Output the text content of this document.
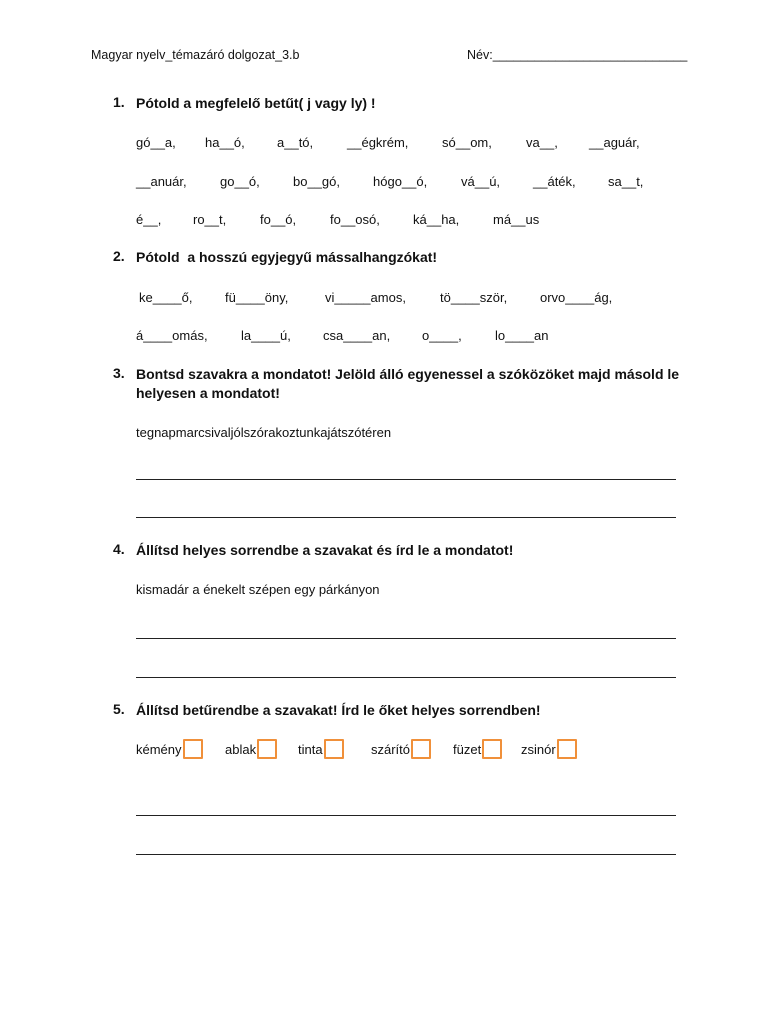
Magyar nyelv_témazáró dolgozat_3.b	Név:____________________________
1. Pótold a megfelelő betűt( j vagy ly) !
gó__a, ha__ó, a__tó,	__égkrém,	só__om,	va__, __aguár,
__anuár,	go__ó,	bo__gó,	hógo__ó,	vá__ú,	__áték, sa__t,
é__, ro__t,	fo__ó,	fo__osó,	ká__ha,	má__us
2. Pótold  a hosszú egyjegyű mássalhangzókat!
ke____ő,	fü____öny,	vi_____amos,	tö____ször,	orvo____ág,
á____omás,	la____ú, csa____an, o____,	lo____an
3. Bontsd szavakra a mondatot! Jelöld álló egyenessel a szóközöket majd másold le
helyesen a mondatot!
tegnapmarcsivaljólszórakoztunkajátszótéren
4. Állítsd helyes sorrendbe a szavakat és írd le a mondatot!
kismadár a énekelt szépen egy párkányon
5. Állítsd betűrendbe a szavakat! Írd le őket helyes sorrendben!
kémény	ablak	tinta	szárító	füzet	zsinór
